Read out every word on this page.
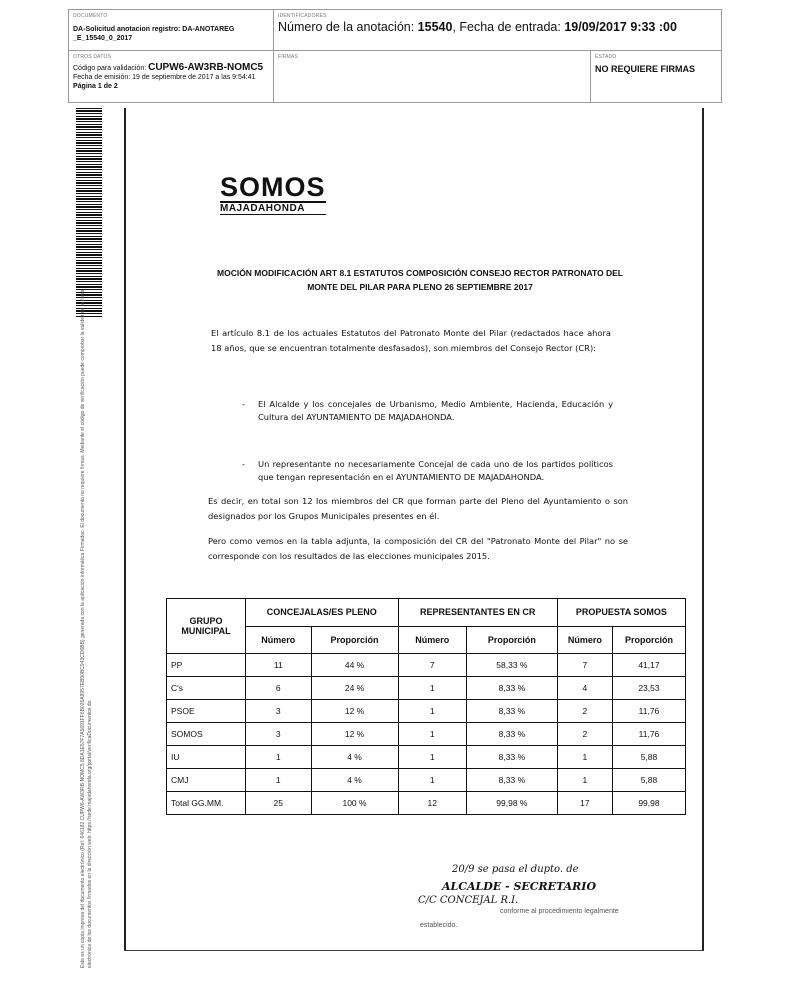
DOCUMENTO
DA-Solicitud anotacion registro: DA-ANOTAREG _E_15540_0_2017
IDENTIFICADORES
Número de la anotación: 15540, Fecha de entrada: 19/09/2017 9:33 :00
OTROS DATOS
Código para validación: CUPW6-AW3RB-NOMC5
Fecha de emisión: 19 de septiembre de 2017 a las 9:54:41
Página 1 de 2
FIRMAS	ESTADO
NO REQUIERE FIRMAS
Este es un copia impresa del documento electrónico (Ref: 646182 CUPW6-AW3RB-NOMC5 8DA1E57F7A5691FF6B026A9957EB50BC943CD6BB) generada con la aplicación informática Firmadoc. El documento no requiere firmas. Mediante el código de verificación puede comprobar la validez de la firma electrónica de los documentos firmados en la dirección web: https://sede.majadahonda.org/portal/verificaDocumentos.do
SOMOS
MAJADAHONDA
MOCIÓN MODIFICACIÓN ART 8.1 ESTATUTOS COMPOSICIÓN CONSEJO RECTOR PATRONATO DEL MONTE DEL PILAR PARA PLENO 26 SEPTIEMBRE 2017
El artículo 8.1 de los actuales Estatutos del Patronato Monte del Pilar (redactados hace ahora 18 años, que se encuentran totalmente desfasados), son miembros del Consejo Rector (CR):
- El Alcalde y los concejales de Urbanismo, Medio Ambiente, Hacienda, Educación y Cultura del AYUNTAMIENTO DE MAJADAHONDA.
- Un representante no necesariamente Concejal de cada uno de los partidos políticos que tengan representación en el AYUNTAMIENTO DE MAJADAHONDA.
Es decir, en total son 12 los miembros del CR que forman parte del Pleno del Ayuntamiento o son designados por los Grupos Municipales presentes en él.
Pero como vemos en la tabla adjunta, la composición del CR del "Patronato Monte del Pilar" no se corresponde con los resultados de las elecciones municipales 2015.
GRUPO MUNICIPAL	CONCEJALAS/ES PLENO		REPRESENTANTES EN CR		PROPUESTA SOMOS	
	Número	Proporción	Número	Proporción	Número	Proporción
PP	11	44 %	7	58,33 %	7	41,17
C's	6	24 %	1	8,33 %	4	23,53
PSOE	3	12 %	1	8,33 %	2	11,76
SOMOS	3	12 %	1	8,33 %	2	11,76
IU	1	4 %	1	8,33 %	1	5,88
CMJ	1	4 %	1	8,33 %	1	5,88
Total GG.MM.	25	100 %	12	99,98 %	17	99,98
20/9 se pasa el dupto. de
ALCALDE - SECRETARIO
C/C CONCEJAL R.I.
conforme al procedimiento legalmente
establecido.
